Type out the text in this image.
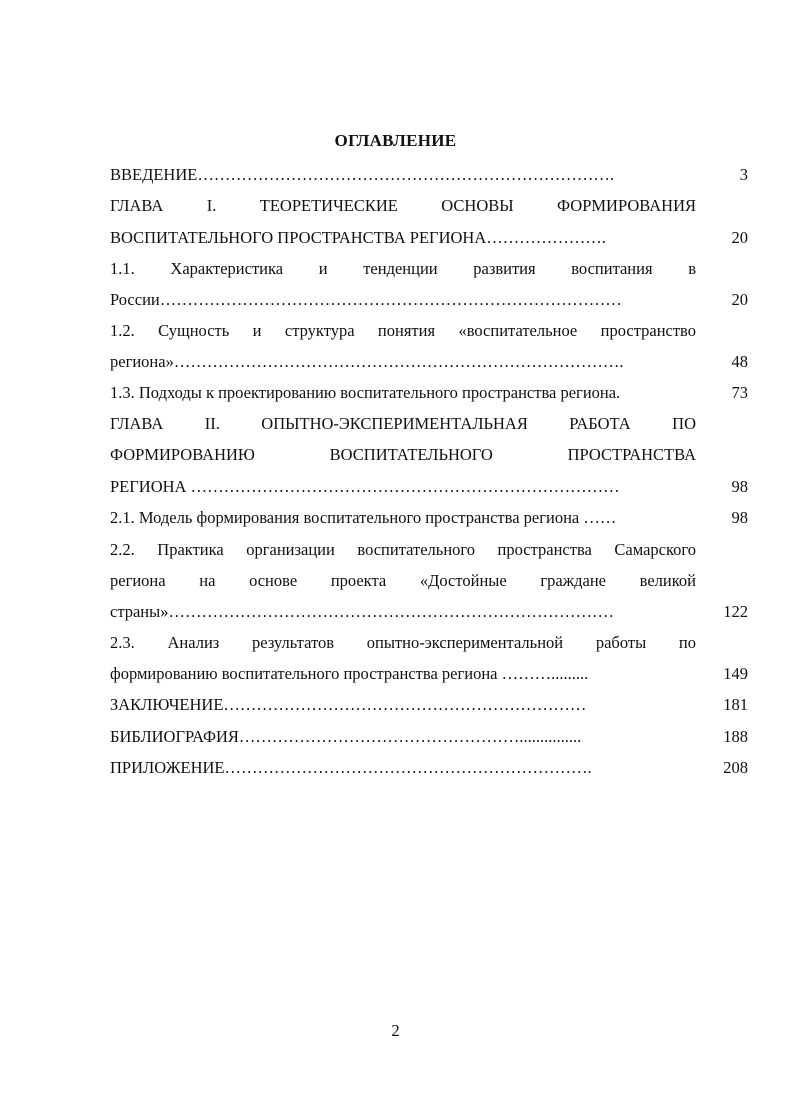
ОГЛАВЛЕНИЕ
ВВЕДЕНИЕ………………………………………………………………….	3
ГЛАВА I. ТЕОРЕТИЧЕСКИЕ ОСНОВЫ ФОРМИРОВАНИЯ
ВОСПИТАТЕЛЬНОГО ПРОСТРАНСТВА РЕГИОНА………………….	20
1.1. Характеристика и тенденции развития воспитания в
России…………………………………………………………………………	20
1.2. Сущность и структура понятия «воспитательное пространство
региона»……………………………………………………………………….	48
1.3. Подходы к проектированию воспитательного пространства региона.	73
ГЛАВА II. ОПЫТНО-ЭКСПЕРИМЕНТАЛЬНАЯ РАБОТА ПО
ФОРМИРОВАНИЮ ВОСПИТАТЕЛЬНОГО ПРОСТРАНСТВА
РЕГИОНА ……………………………………………………………………	98
2.1. Модель формирования воспитательного пространства региона ……	98
2.2. Практика организации воспитательного пространства Самарского
региона на основе проекта «Достойные граждане великой
страны»………………………………………………………………………	122
2.3. Анализ результатов опытно-экспериментальной работы по
формированию воспитательного пространства региона ……….........	149
ЗАКЛЮЧЕНИЕ…………………………………………………………	181
БИБЛИОГРАФИЯ……………………………………………...............	188
ПРИЛОЖЕНИЕ………………………………………………………….	208
2
